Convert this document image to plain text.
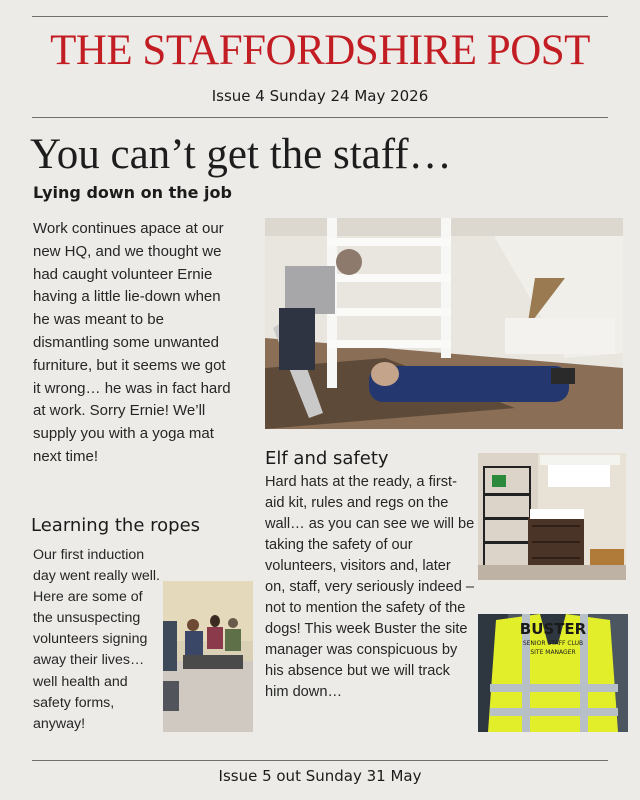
THE STAFFORDSHIRE POST
Issue 4 Sunday 24 May 2026
You can’t get the staff…
Lying down on the job
Work continues apace at our new HQ, and we thought we had caught volunteer Ernie having a little lie-down when he was meant to be dismantling some unwanted furniture, but it seems we got it wrong… he was in fact hard at work. Sorry Ernie! We’ll supply you with a yoga mat next time!	Elf and safety
Hard hats at the ready, a first-aid kit, rules and regs on the wall… as you can see we will be taking the safety of our volunteers, visitors and, later on, staff, very seriously indeed – not to mention the safety of the dogs! This week Buster the site manager was conspicuous by his absence but we will track him down…
BUSTER
SENIOR STAFF CLUB
SITE MANAGER
Learning the ropes
Our first induction day went really well. Here are some of the unsuspecting volunteers signing away their lives… well health and safety forms, anyway!
Issue 5 out Sunday 31 May
